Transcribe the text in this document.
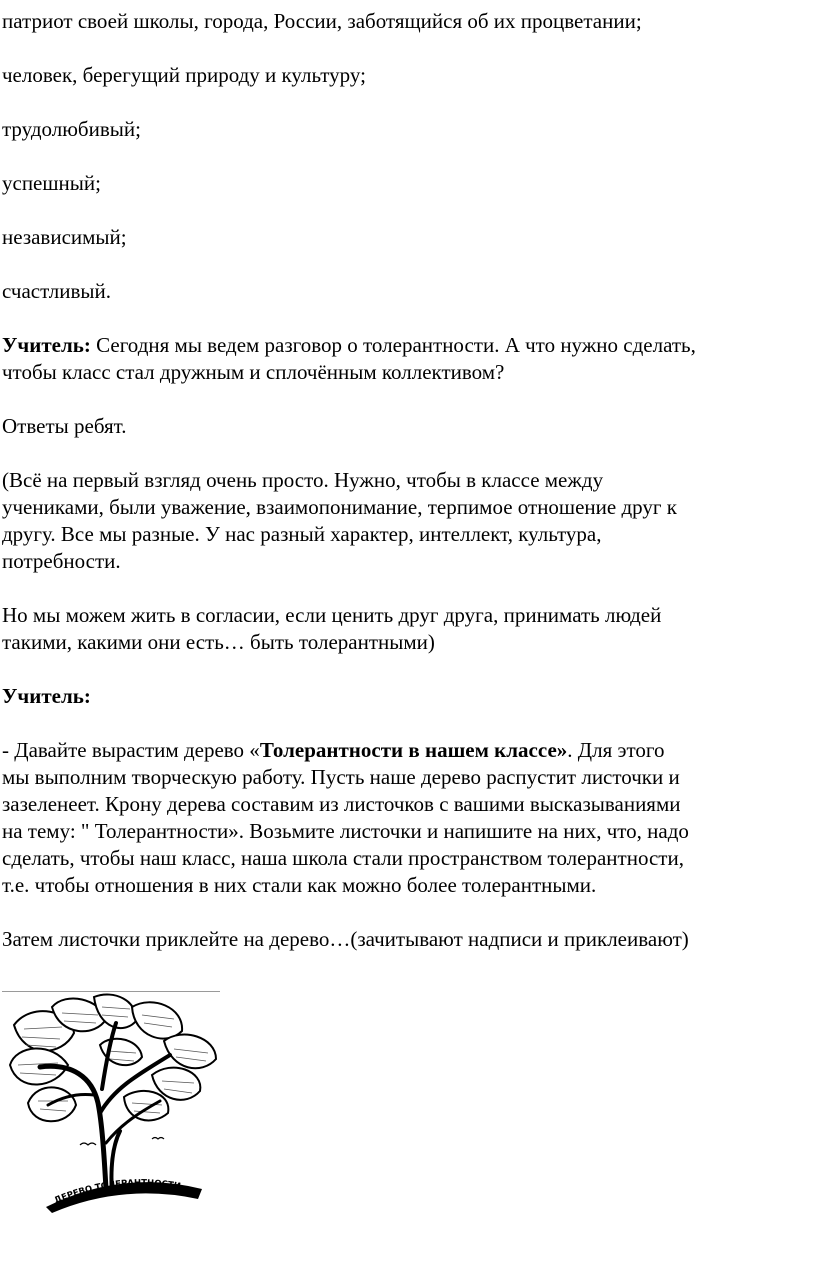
патриот своей школы, города, России, заботящийся об их процветании;

человек, берегущий природу и культуру;

трудолюбивый;

успешный;

независимый;

счастливый.

Учитель: Сегодня мы ведем разговор о толерантности. А что нужно сделать,

чтобы класс стал дружным и сплочённым коллективом?

Ответы ребят.

(Всё на первый взгляд очень просто. Нужно, чтобы в классе между

учениками, были уважение, взаимопонимание, терпимое отношение друг к

другу. Все мы разные. У нас разный характер, интеллект, культура,

потребности.

Но мы можем жить в согласии, если ценить друг друга, принимать людей

такими, какими они есть… быть толерантными)

Учитель:

- Давайте вырастим дерево «Толерантности в нашем классе». Для этого

мы выполним творческую работу. Пусть наше дерево распустит листочки и

зазеленеет. Крону дерева составим из листочков с вашими высказываниями

на тему: " Толерантности». Возьмите листочки и напишите на них, что, надо

сделать, чтобы наш класс, наша школа стали пространством толерантности,

т.е. чтобы отношения в них стали как можно более толерантными.

Затем листочки приклейте на дерево…(зачитывают надписи и приклеивают)

ДЕРЕВО ТОЛЕРАНТНОСТИ
